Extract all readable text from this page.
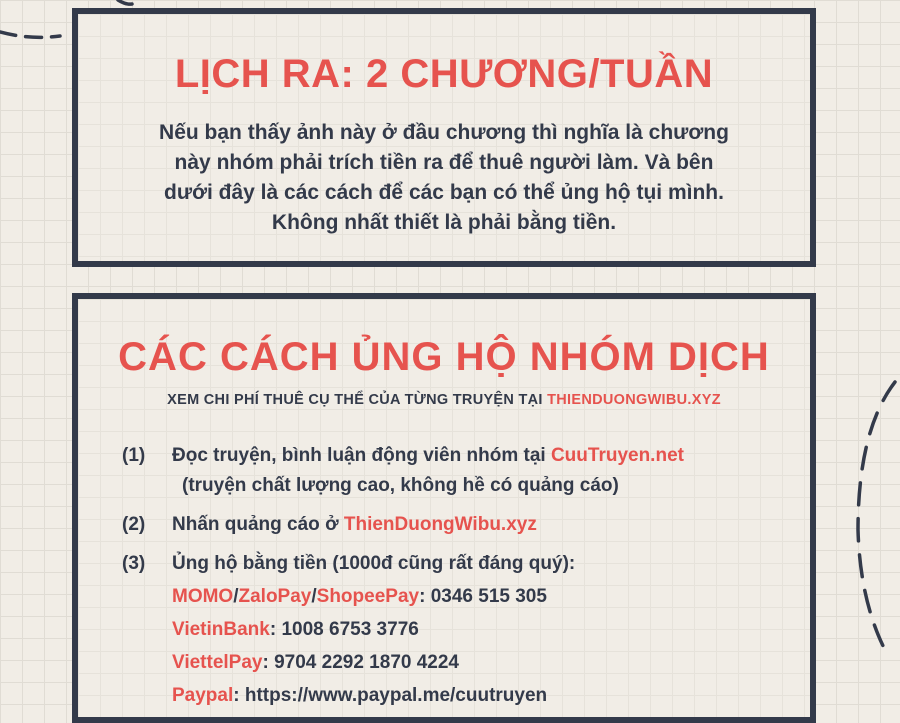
LỊCH RA: 2 CHƯƠNG/TUẦN
Nếu bạn thấy ảnh này ở đầu chương thì nghĩa là chương
này nhóm phải trích tiền ra để thuê người làm. Và bên
dưới đây là các cách để các bạn có thể ủng hộ tụi mình.
Không nhất thiết là phải bằng tiền.
CÁC CÁCH ỦNG HỘ NHÓM DỊCH
XEM CHI PHÍ THUÊ CỤ THỂ CỦA TỪNG TRUYỆN TẠI THIENDUONGWIBU.XYZ
(1)	Đọc truyện, bình luận động viên nhóm tại CuuTruyen.net
(truyện chất lượng cao, không hề có quảng cáo)
(2)	Nhấn quảng cáo ở ThienDuongWibu.xyz
(3)	Ủng hộ bằng tiền (1000đ cũng rất đáng quý):
MOMO/ZaloPay/ShopeePay: 0346 515 305
VietinBank: 1008 6753 3776
ViettelPay: 9704 2292 1870 4224
Paypal: https://www.paypal.me/cuutruyen
